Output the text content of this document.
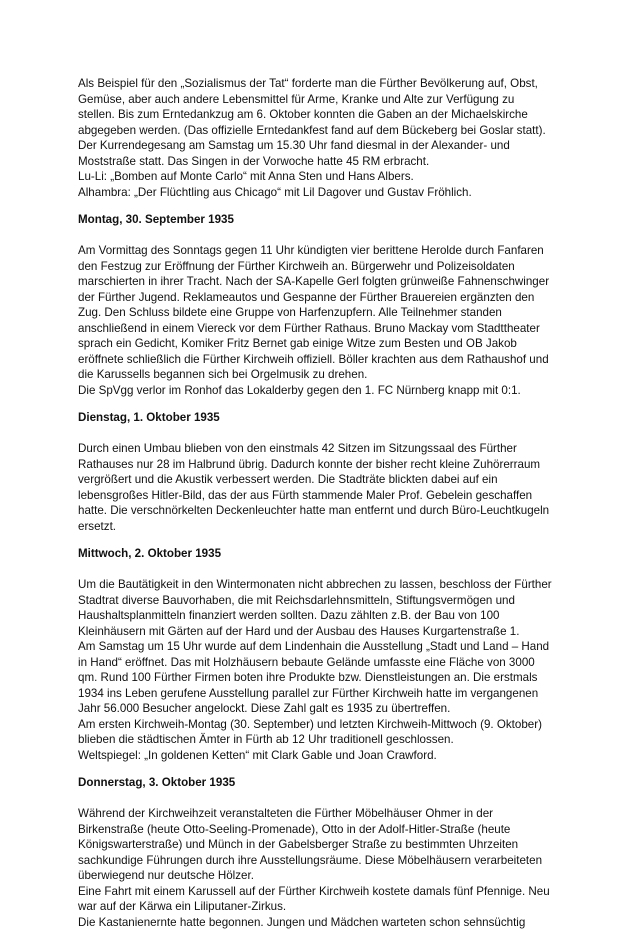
Als Beispiel für den „Sozialismus der Tat“ forderte man die Fürther Bevölkerung auf, Obst,

Gemüse, aber auch andere Lebensmittel für Arme, Kranke und Alte zur Verfügung zu

stellen. Bis zum Erntedankzug am 6. Oktober konnten die Gaben an der Michaelskirche

abgegeben werden. (Das offizielle Erntedankfest fand auf dem Bückeberg bei Goslar statt).

Der Kurrendegesang am Samstag um 15.30 Uhr fand diesmal in der Alexander- und

Moststraße statt. Das Singen in der Vorwoche hatte 45 RM erbracht.

Lu-Li: „Bomben auf Monte Carlo“ mit Anna Sten und Hans Albers.

Alhambra: „Der Flüchtling aus Chicago“ mit Lil Dagover und Gustav Fröhlich.

Montag, 30. September 1935

Am Vormittag des Sonntags gegen 11 Uhr kündigten vier berittene Herolde durch Fanfaren

den Festzug zur Eröffnung der Fürther Kirchweih an. Bürgerwehr und Polizeisoldaten

marschierten in ihrer Tracht. Nach der SA-Kapelle Gerl folgten grünweiße Fahnenschwinger

der Fürther Jugend. Reklameautos und Gespanne der Fürther Brauereien ergänzten den

Zug. Den Schluss bildete eine Gruppe von Harfenzupfern. Alle Teilnehmer standen

anschließend in einem Viereck vor dem Fürther Rathaus. Bruno Mackay vom Stadttheater

sprach ein Gedicht, Komiker Fritz Bernet gab einige Witze zum Besten und OB Jakob

eröffnete schließlich die Fürther Kirchweih offiziell. Böller krachten aus dem Rathaushof und

die Karussells begannen sich bei Orgelmusik zu drehen.

Die SpVgg verlor im Ronhof das Lokalderby gegen den 1. FC Nürnberg knapp mit 0:1.

Dienstag, 1. Oktober 1935

Durch einen Umbau blieben von den einstmals 42 Sitzen im Sitzungssaal des Fürther

Rathauses nur 28 im Halbrund übrig. Dadurch konnte der bisher recht kleine Zuhörerraum

vergrößert und die Akustik verbessert werden. Die Stadträte blickten dabei auf ein

lebensgroßes Hitler-Bild, das der aus Fürth stammende Maler Prof. Gebelein geschaffen

hatte. Die verschnörkelten Deckenleuchter hatte man entfernt und durch Büro-Leuchtkugeln

ersetzt.

Mittwoch, 2. Oktober 1935

Um die Bautätigkeit in den Wintermonaten nicht abbrechen zu lassen, beschloss der Fürther

Stadtrat diverse Bauvorhaben, die mit Reichsdarlehnsmitteln, Stiftungsvermögen und

Haushaltsplanmitteln finanziert werden sollten. Dazu zählten z.B. der Bau von 100

Kleinhäusern mit Gärten auf der Hard und der Ausbau des Hauses Kurgartenstraße 1.

Am Samstag um 15 Uhr wurde auf dem Lindenhain die Ausstellung „Stadt und Land – Hand

in Hand“ eröffnet. Das mit Holzhäusern bebaute Gelände umfasste eine Fläche von 3000

qm. Rund 100 Fürther Firmen boten ihre Produkte bzw. Dienstleistungen an. Die erstmals

1934 ins Leben gerufene Ausstellung parallel zur Fürther Kirchweih hatte im vergangenen

Jahr 56.000 Besucher angelockt. Diese Zahl galt es 1935 zu übertreffen.

Am ersten Kirchweih-Montag (30. September) und letzten Kirchweih-Mittwoch (9. Oktober)

blieben die städtischen Ämter in Fürth ab 12 Uhr traditionell geschlossen.

Weltspiegel: „In goldenen Ketten“ mit Clark Gable und Joan Crawford.

Donnerstag, 3. Oktober 1935

Während der Kirchweihzeit veranstalteten die Fürther Möbelhäuser Ohmer in der

Birkenstraße (heute Otto-Seeling-Promenade), Otto in der Adolf-Hitler-Straße (heute

Königswarterstraße) und Münch in der Gabelsberger Straße zu bestimmten Uhrzeiten

sachkundige Führungen durch ihre Ausstellungsräume. Diese Möbelhäusern verarbeiteten

überwiegend nur deutsche Hölzer.

Eine Fahrt mit einem Karussell auf der Fürther Kirchweih kostete damals fünf Pfennige. Neu

war auf der Kärwa ein Liliputaner-Zirkus.

Die Kastanienernte hatte begonnen. Jungen und Mädchen warteten schon sehnsüchtig
